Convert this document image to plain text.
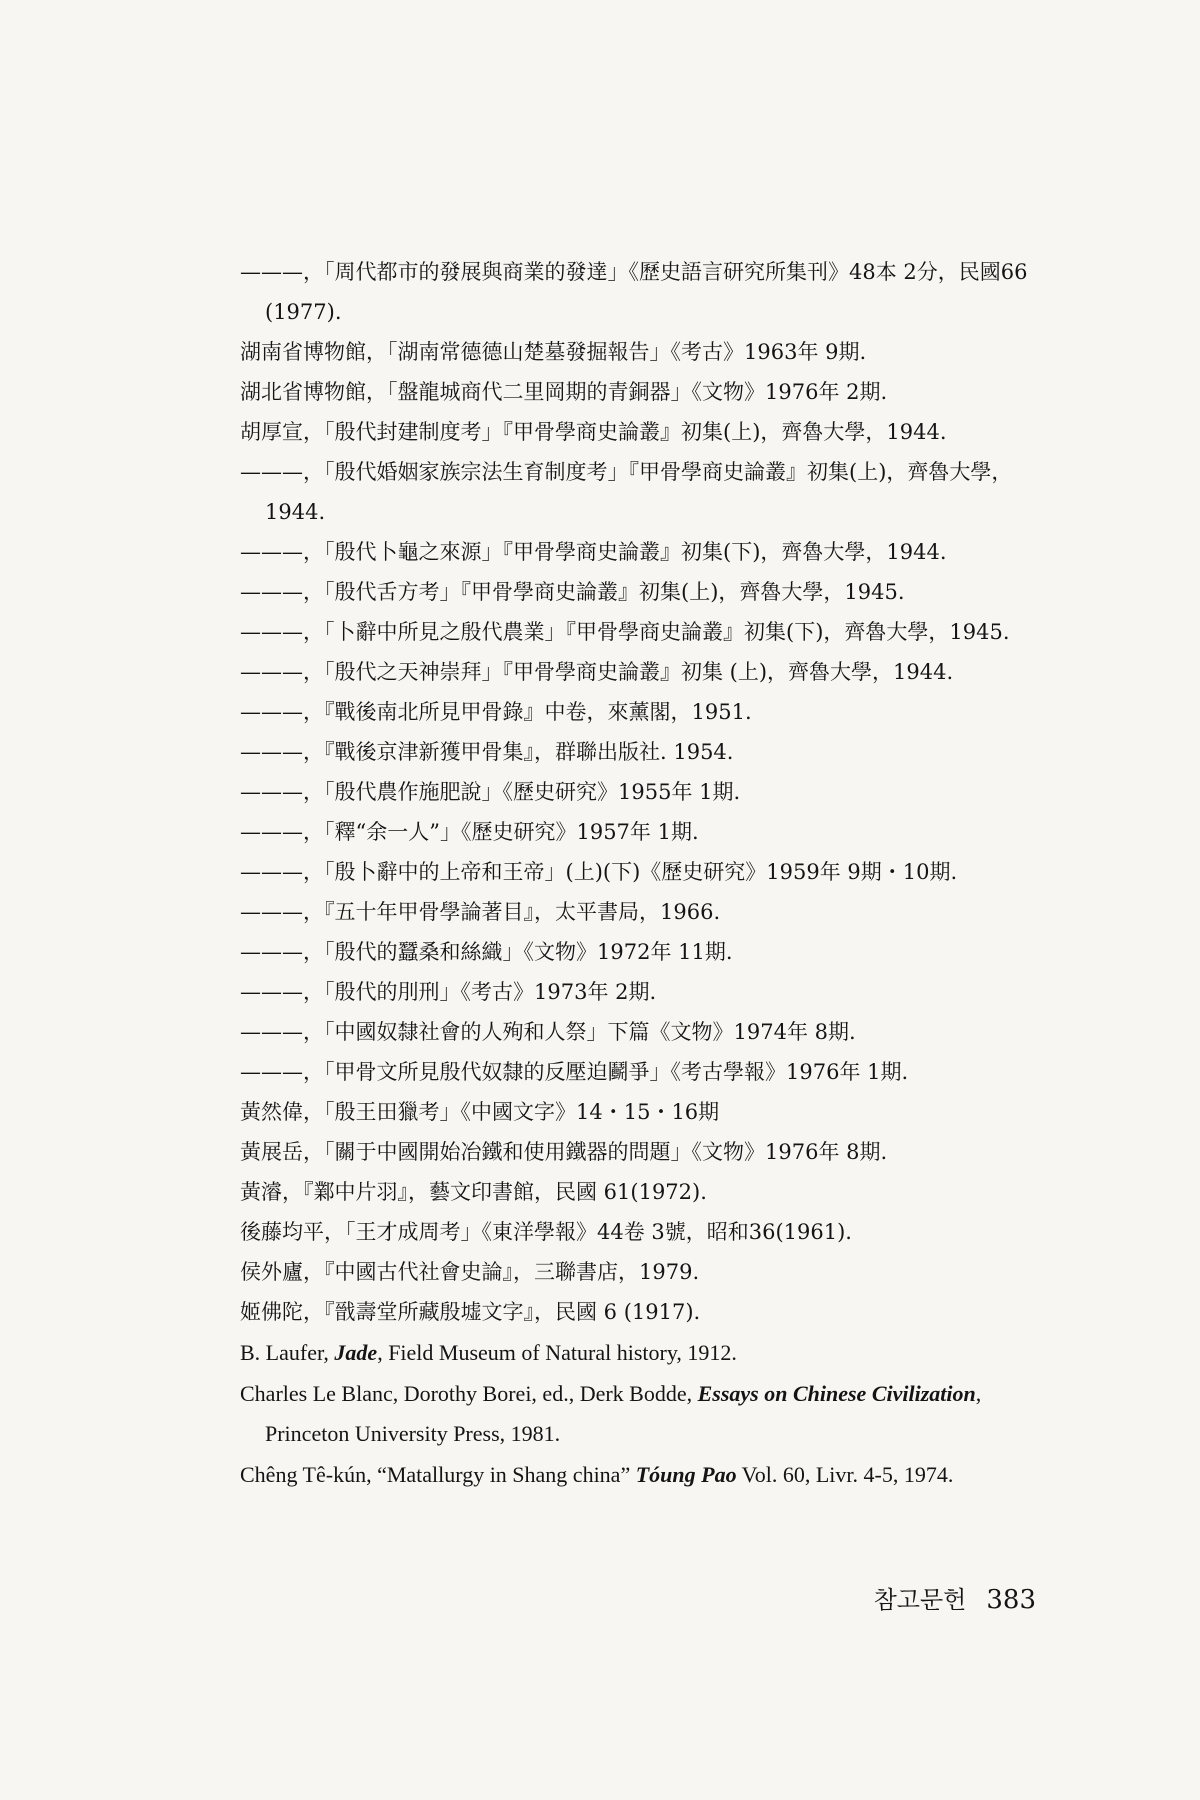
———，「周代都市的發展與商業的發達」《歷史語言研究所集刊》48本 2分，民國66 (1977).
湖南省博物館，「湖南常德德山楚墓發掘報告」《考古》1963年 9期.
湖北省博物館，「盤龍城商代二里岡期的青銅器」《文物》1976年 2期.
胡厚宣，「殷代封建制度考」『甲骨學商史論叢』初集(上)，齊魯大學，1944.
———，「殷代婚姻家族宗法生育制度考」『甲骨學商史論叢』初集(上)，齊魯大學，1944.
———，「殷代卜龜之來源」『甲骨學商史論叢』初集(下)，齊魯大學，1944.
———，「殷代舌方考」『甲骨學商史論叢』初集(上)，齊魯大學，1945.
———，「卜辭中所見之殷代農業」『甲骨學商史論叢』初集(下)，齊魯大學，1945.
———，「殷代之天神崇拜」『甲骨學商史論叢』初集 (上)，齊魯大學，1944.
———，『戰後南北所見甲骨錄』中卷，來薰閣，1951.
———，『戰後京津新獲甲骨集』，群聯出版社. 1954.
———，「殷代農作施肥說」《歷史研究》1955年 1期.
———，「釋“余一人”」《歷史研究》1957年 1期.
———，「殷卜辭中的上帝和王帝」(上)(下)《歷史研究》1959年 9期・10期.
———，『五十年甲骨學論著目』，太平書局，1966.
———，「殷代的蠶桑和絲織」《文物》1972年 11期.
———，「殷代的刖刑」《考古》1973年 2期.
———，「中國奴隸社會的人殉和人祭」下篇《文物》1974年 8期.
———，「甲骨文所見殷代奴隸的反壓迫鬬爭」《考古學報》1976年 1期.
黃然偉，「殷王田獵考」《中國文字》14・15・16期
黃展岳，「關于中國開始冶鐵和使用鐵器的問題」《文物》1976年 8期.
黃濬，『鄴中片羽』，藝文印書館，民國 61(1972).
後藤均平，「王才成周考」《東洋學報》44卷 3號，昭和36(1961).
侯外廬，『中國古代社會史論』，三聯書店，1979.
姬佛陀，『戩壽堂所藏殷墟文字』，民國 6 (1917).
B. Laufer, Jade, Field Museum of Natural history, 1912.
Charles Le Blanc, Dorothy Borei, ed., Derk Bodde, Essays on Chinese Civilization, Princeton University Press, 1981.
Chêng Tê-kún, “Matallurgy in Shang china” Tóung Pao Vol. 60, Livr. 4-5, 1974.
참고문헌 383
